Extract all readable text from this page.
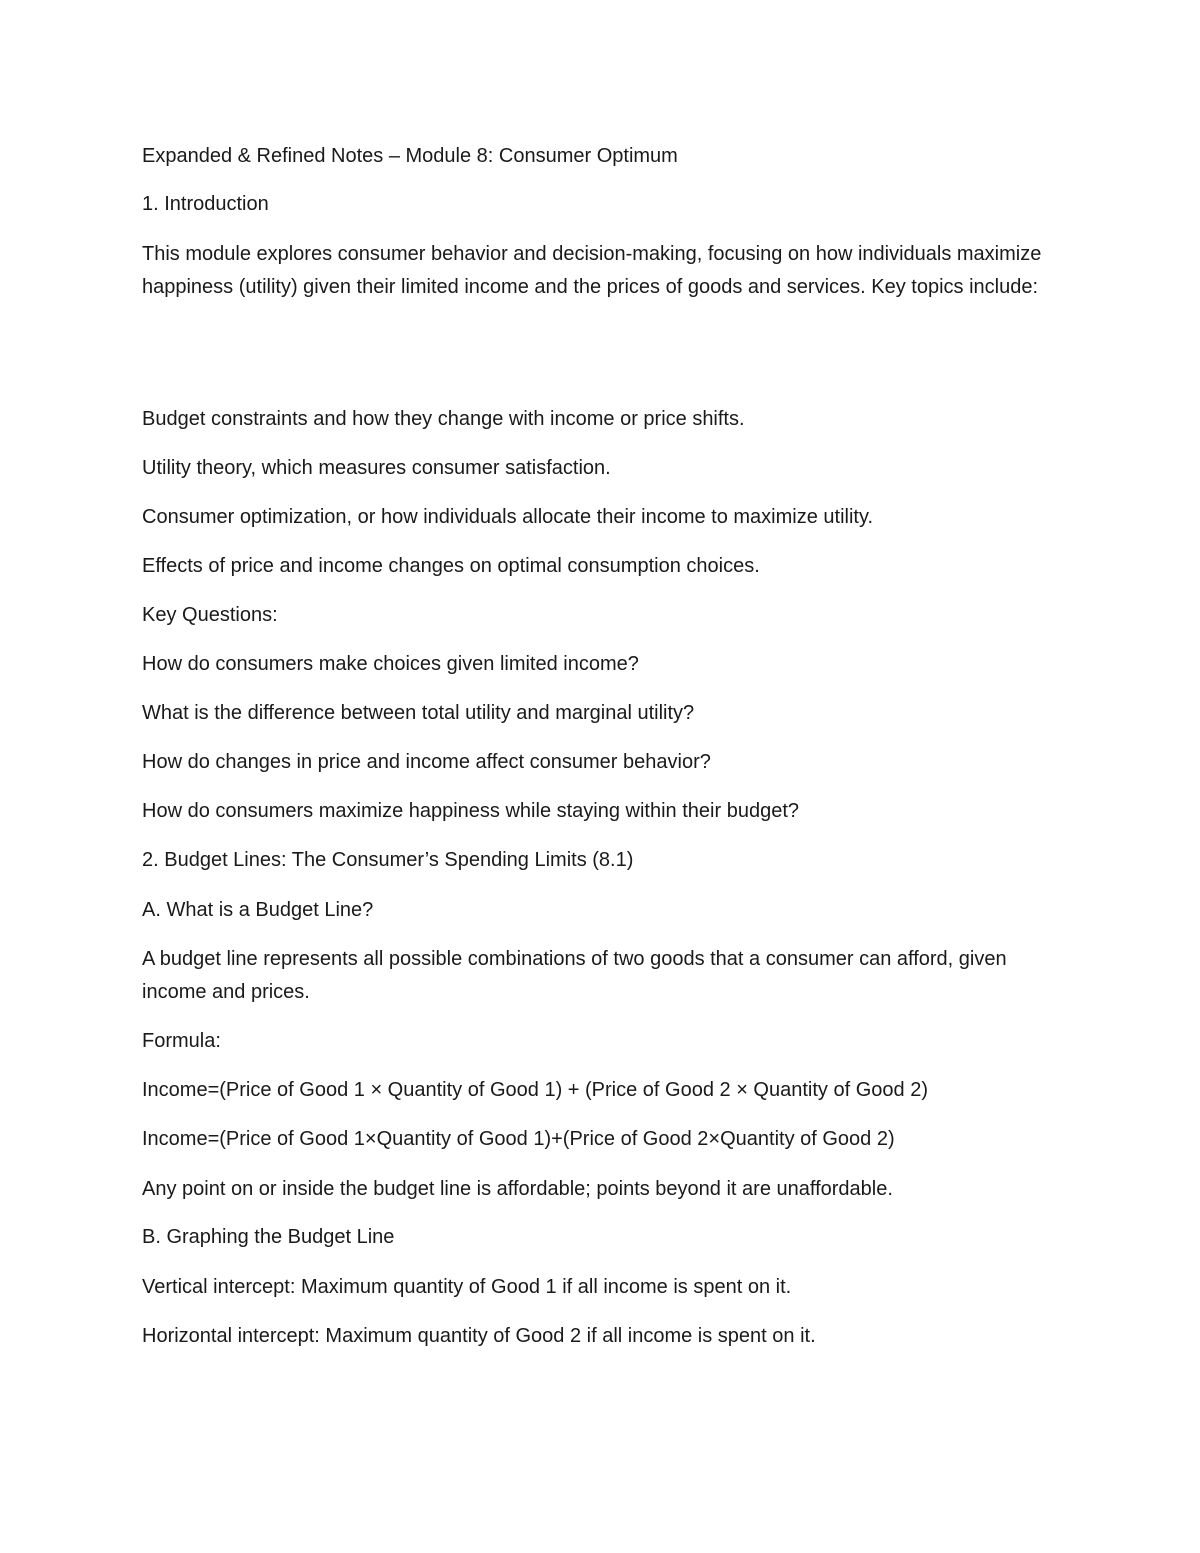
Expanded & Refined Notes – Module 8: Consumer Optimum

1. Introduction

This module explores consumer behavior and decision-making, focusing on how individuals maximize happiness (utility) given their limited income and the prices of goods and services. Key topics include:

Budget constraints and how they change with income or price shifts.

Utility theory, which measures consumer satisfaction.

Consumer optimization, or how individuals allocate their income to maximize utility.

Effects of price and income changes on optimal consumption choices.

Key Questions:

How do consumers make choices given limited income?

What is the difference between total utility and marginal utility?

How do changes in price and income affect consumer behavior?

How do consumers maximize happiness while staying within their budget?

2. Budget Lines: The Consumer’s Spending Limits (8.1)

A. What is a Budget Line?

A budget line represents all possible combinations of two goods that a consumer can afford, given income and prices.

Formula:

Income=(Price of Good 1 × Quantity of Good 1) + (Price of Good 2 × Quantity of Good 2)

Income=(Price of Good 1×Quantity of Good 1)+(Price of Good 2×Quantity of Good 2)

Any point on or inside the budget line is affordable; points beyond it are unaffordable.

B. Graphing the Budget Line

Vertical intercept: Maximum quantity of Good 1 if all income is spent on it.

Horizontal intercept: Maximum quantity of Good 2 if all income is spent on it.
